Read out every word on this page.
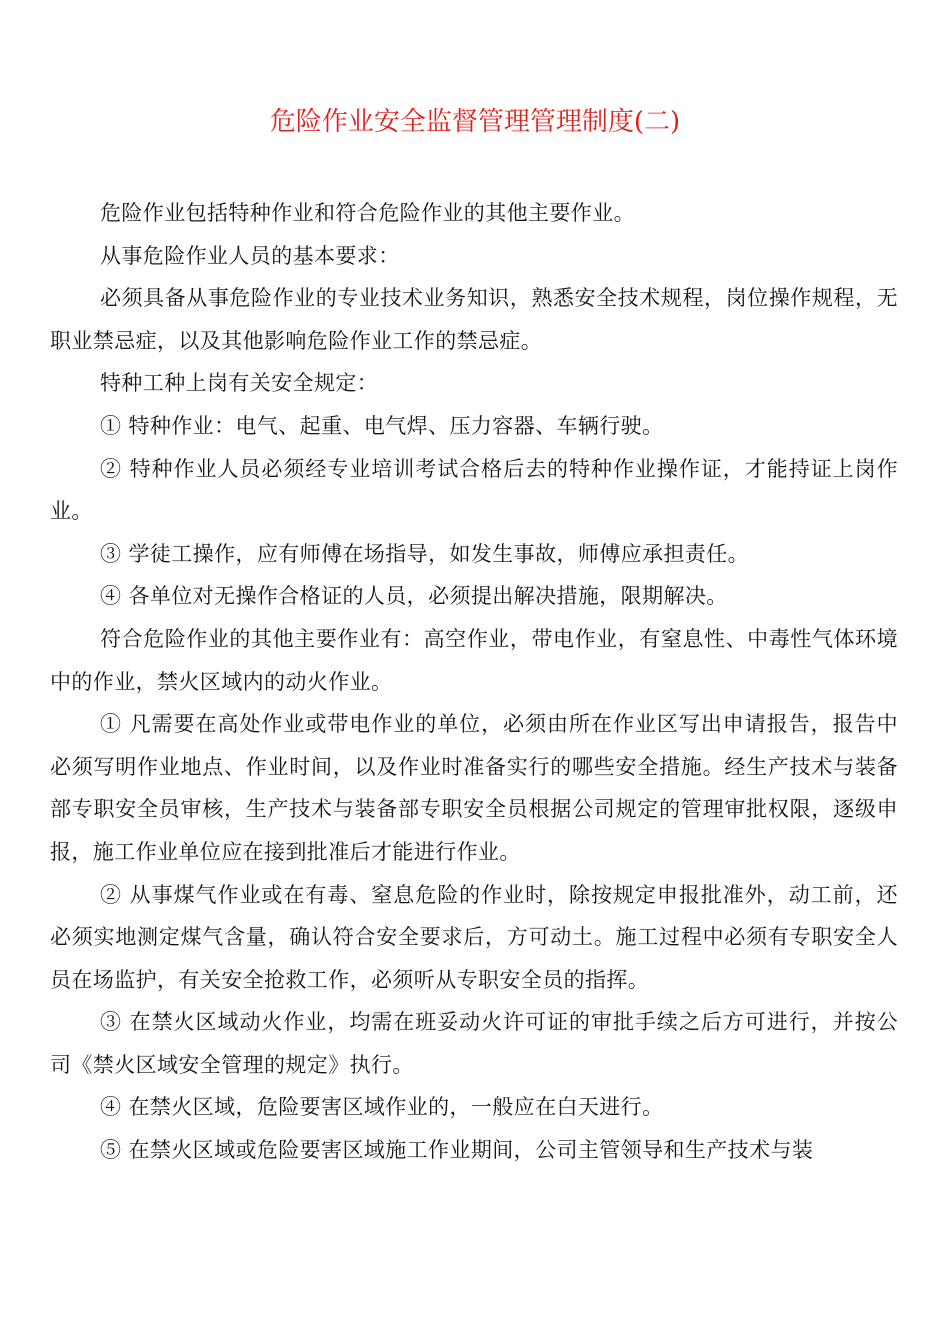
危险作业安全监督管理管理制度(二)

危险作业包括特种作业和符合危险作业的其他主要作业。

从事危险作业人员的基本要求：

必须具备从事危险作业的专业技术业务知识，熟悉安全技术规程，岗位操作规程，无职业禁忌症，以及其他影响危险作业工作的禁忌症。

特种工种上岗有关安全规定：

① 特种作业：电气、起重、电气焊、压力容器、车辆行驶。

② 特种作业人员必须经专业培训考试合格后去的特种作业操作证，才能持证上岗作业。

③ 学徒工操作，应有师傅在场指导，如发生事故，师傅应承担责任。

④ 各单位对无操作合格证的人员，必须提出解决措施，限期解决。

符合危险作业的其他主要作业有：高空作业，带电作业，有窒息性、中毒性气体环境中的作业，禁火区域内的动火作业。

① 凡需要在高处作业或带电作业的单位，必须由所在作业区写出申请报告，报告中必须写明作业地点、作业时间，以及作业时准备实行的哪些安全措施。经生产技术与装备部专职安全员审核，生产技术与装备部专职安全员根据公司规定的管理审批权限，逐级申报，施工作业单位应在接到批准后才能进行作业。

② 从事煤气作业或在有毒、窒息危险的作业时，除按规定申报批准外，动工前，还必须实地测定煤气含量，确认符合安全要求后，方可动土。施工过程中必须有专职安全人员在场监护，有关安全抢救工作，必须听从专职安全员的指挥。

③ 在禁火区域动火作业，均需在班妥动火许可证的审批手续之后方可进行，并按公司《禁火区域安全管理的规定》执行。

④ 在禁火区域，危险要害区域作业的，一般应在白天进行。

⑤ 在禁火区域或危险要害区域施工作业期间，公司主管领导和生产技术与装
